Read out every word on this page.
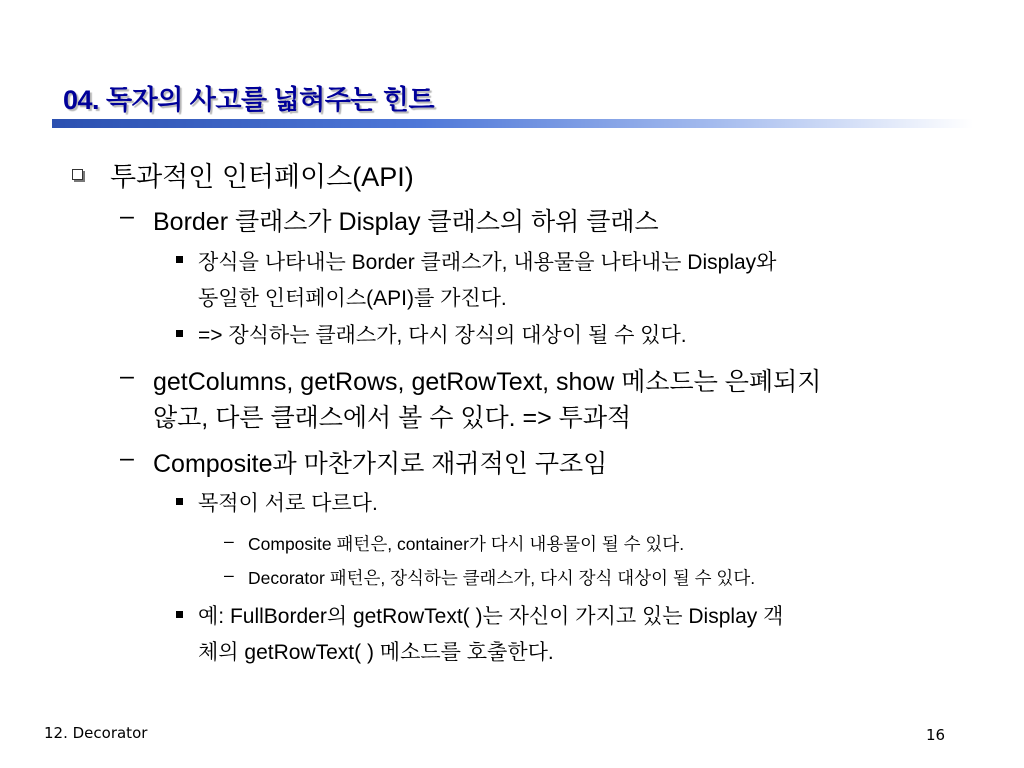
04. 독자의 사고를 넓혀주는 힌트
투과적인 인터페이스(API)
– Border 클래스가 Display 클래스의 하위 클래스
장식을 나타내는 Border 클래스가, 내용물을 나타내는 Display와
동일한 인터페이스(API)를 가진다.
=> 장식하는 클래스가, 다시 장식의 대상이 될 수 있다.
– getColumns, getRows, getRowText, show 메소드는 은폐되지
않고, 다른 클래스에서 볼 수 있다. => 투과적
– Composite과 마찬가지로 재귀적인 구조임
목적이 서로 다르다.
– Composite 패턴은, container가 다시 내용물이 될 수 있다.
– Decorator 패턴은, 장식하는 클래스가, 다시 장식 대상이 될 수 있다.
예: FullBorder의 getRowText( )는 자신이 가지고 있는 Display 객
체의 getRowText( ) 메소드를 호출한다.
12. Decorator	16
